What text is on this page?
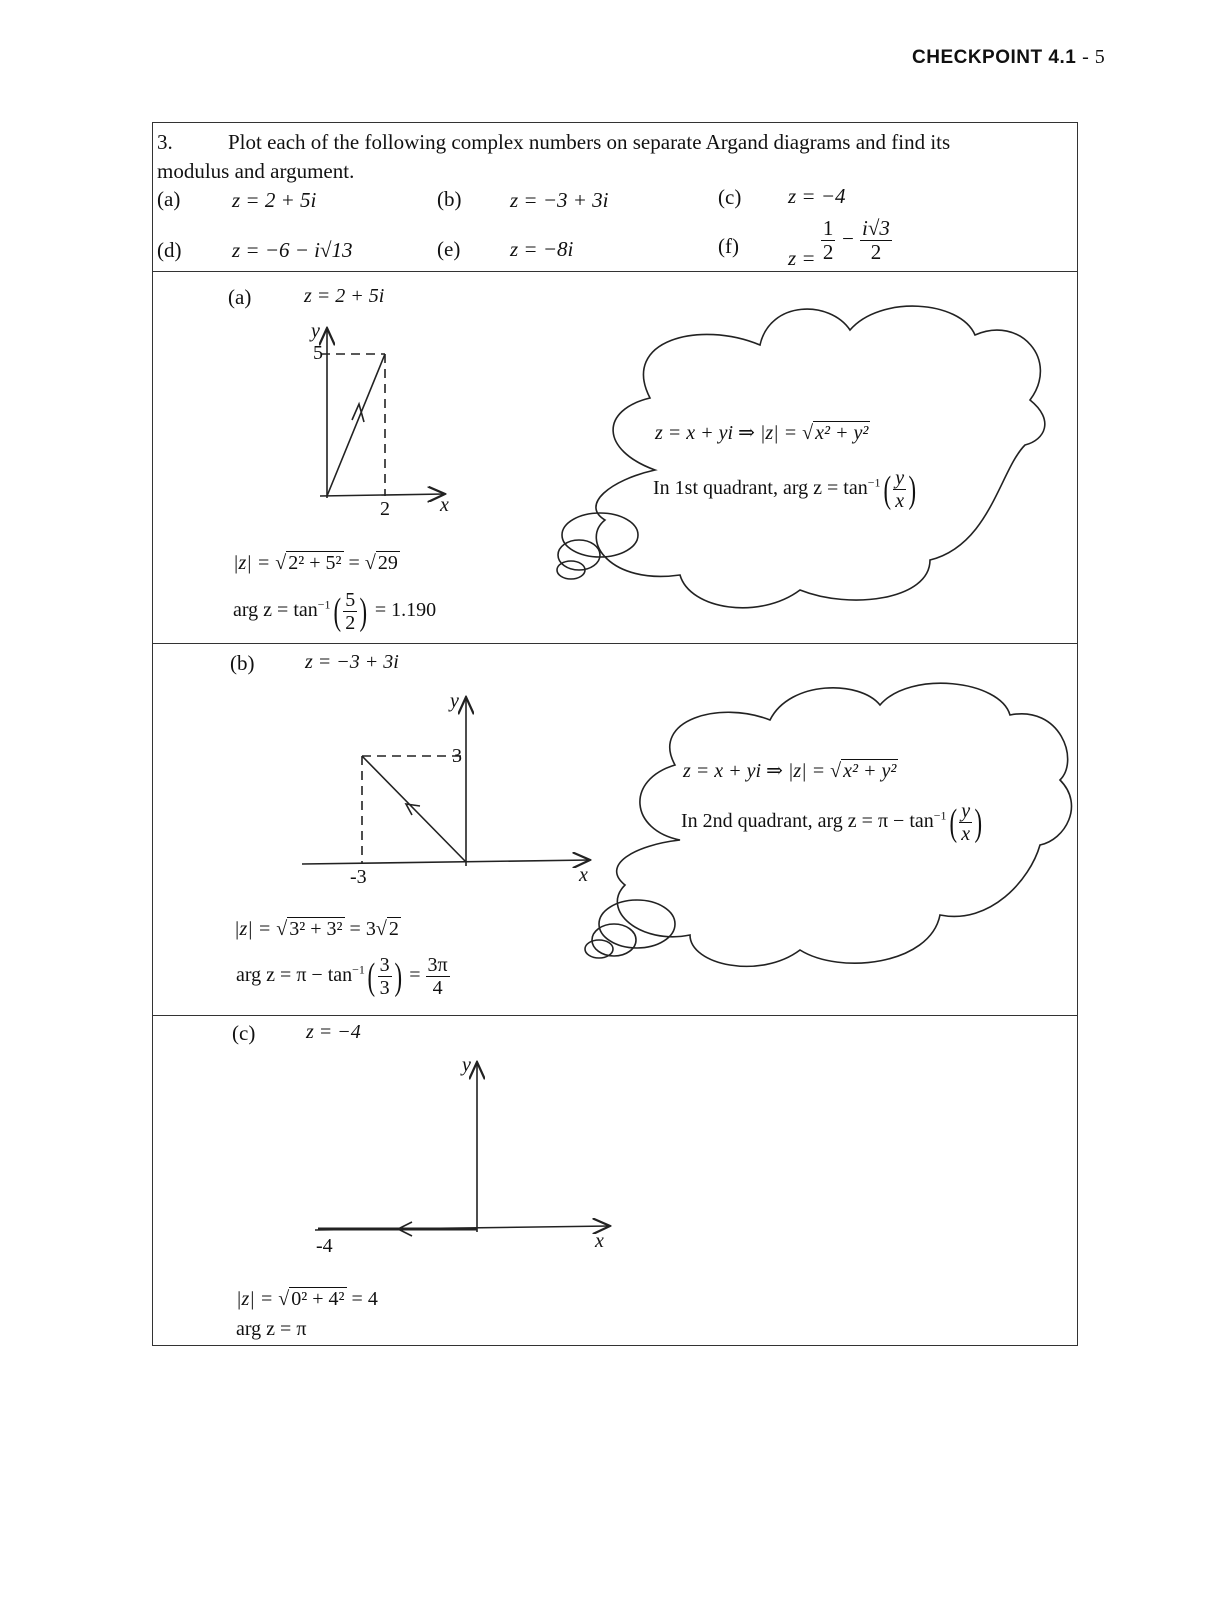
CHECKPOINT 4.1 - 5
3.	Plot each of the following complex numbers on separate Argand diagrams and find its
modulus and argument.
(a) z = 2 + 5i	(b) z = −3 + 3i	(c) z = −4
(d) z = −6 − i√13	(e) z = −8i	(f)
$z = \frac{1}{2} - \frac{i√3}{2}$
(a)	z = 2 + 5i
y
x
5
2
|z| = √ 2² + 5² = √ 29
arg $z = \tan^{-1}( \frac{5}{2}$ ) = 1.190
z = x + yi ⇒ |z| = √ x² + y²
In 1st quadrant, arg $z = \tan^{-1}( \frac{y}{x}$ )
(b)	z = −3 + 3i
y
x
3
-3
|z| = √ 3² + 3² = 3√ 2
arg $z = \pi - \tan^{-1}( \frac{3}{3}$ ) = $\frac{3\pi}{4}$
z = x + yi ⇒ |z| = √ x² + y²
In 2nd quadrant, arg $z = \pi - \tan^{-1}( \frac{y}{x}$ )
(c)	z = −4
y
x
-4
|z| = √ 0² + 4² = 4
arg z = π
